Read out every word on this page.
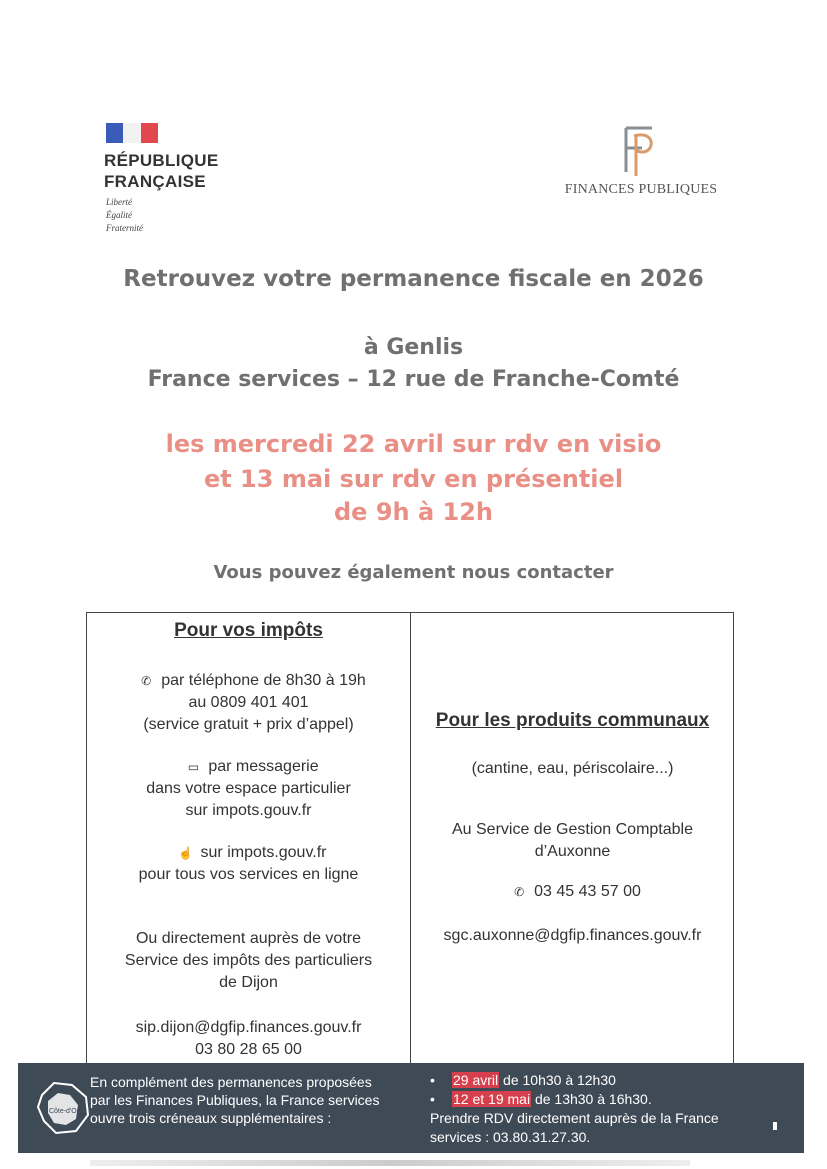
RÉPUBLIQUE
FRANÇAISE
Liberté
Égalité
Fraternité
FINANCES PUBLIQUES
Retrouvez votre permanence fiscale en 2026
à Genlis
France services – 12 rue de Franche-Comté
les mercredi 22 avril sur rdv en visio
et 13 mai sur rdv en présentiel
de 9h à 12h
Vous pouvez également nous contacter
Pour vos impôts
✆ par téléphone de 8h30 à 19h
au 0809 401 401
(service gratuit + prix d’appel)
▭ par messagerie
dans votre espace particulier
sur impots.gouv.fr
☝ sur impots.gouv.fr
pour tous vos services en ligne
Ou directement auprès de votre
Service des impôts des particuliers
de Dijon
sip.dijon@dgfip.finances.gouv.fr
03 80 28 65 00
Pour les produits communaux
(cantine, eau, périscolaire...)
Au Service de Gestion Comptable
d’Auxonne
✆ 03 45 43 57 00
sgc.auxonne@dgfip.finances.gouv.fr
Côte-d'Or
En complément des permanences proposées
par les Finances Publiques, la France services
ouvre trois créneaux supplémentaires :
• 29 avril de 10h30 à 12h30
• 12 et 19 mai de 13h30 à 16h30.
Prendre RDV directement auprès de la France
services : 03.80.31.27.30.
